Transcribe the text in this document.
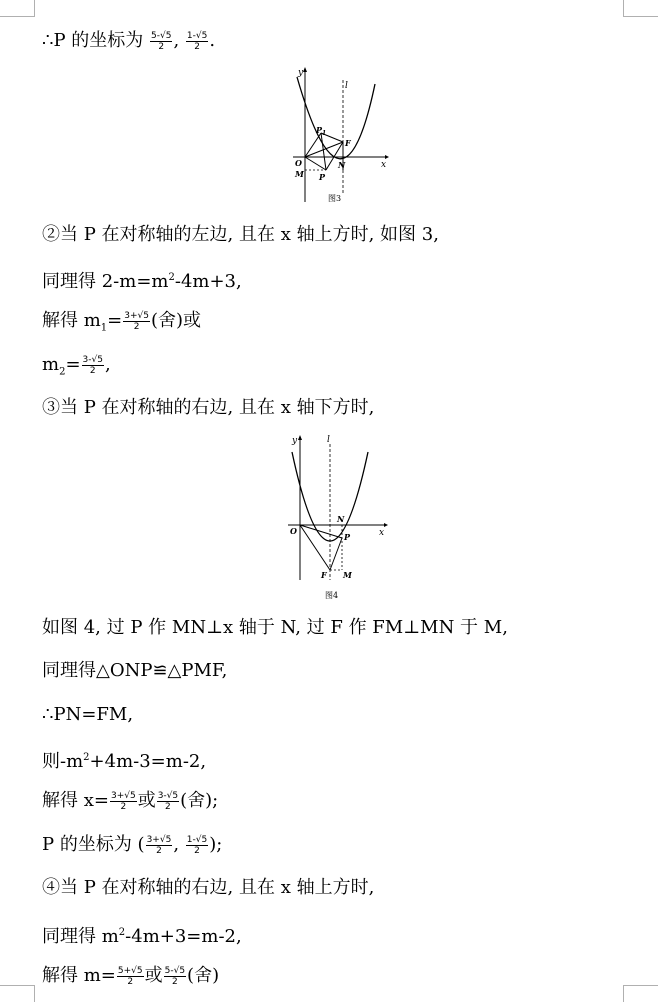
∴P 的坐标为 $\frac{5-√5}{2}$ , $\frac{1-√5}{2}$ .
y
x
l
O
M P
$P_1$
F
N
图3
②当 P 在对称轴的左边, 且在 x 轴上方时, 如图 3,
同理得 $2-m=m^2-4m+3$,
解得 $m_1= \frac{3+√5}{2}$ (舍)或
$m_2= \frac{3-√5}{2}$ ,
③当 P 在对称轴的右边, 且在 x 轴下方时,
y
x
l
O
N
P
F M
图4
如图 4, 过 P 作 MN⊥x 轴于 N, 过 F 作 FM⊥MN 于 M,
同理得△ONP≌△PMF,
∴PN=FM,
则$-m^2+4m-3=m-2$,
解得 $x= \frac{3+√5}{2}$ 或 $\frac{3-√5}{2}$ (舍);
P 的坐标为 ( $\frac{3+√5}{2}$ , $\frac{1-√5}{2}$ );
④当 P 在对称轴的右边, 且在 x 轴上方时,
同理得 $m^2-4m+3=m-2$,
解得 $m= \frac{5+√5}{2}$ 或 $\frac{5-√5}{2}$ (舍)
